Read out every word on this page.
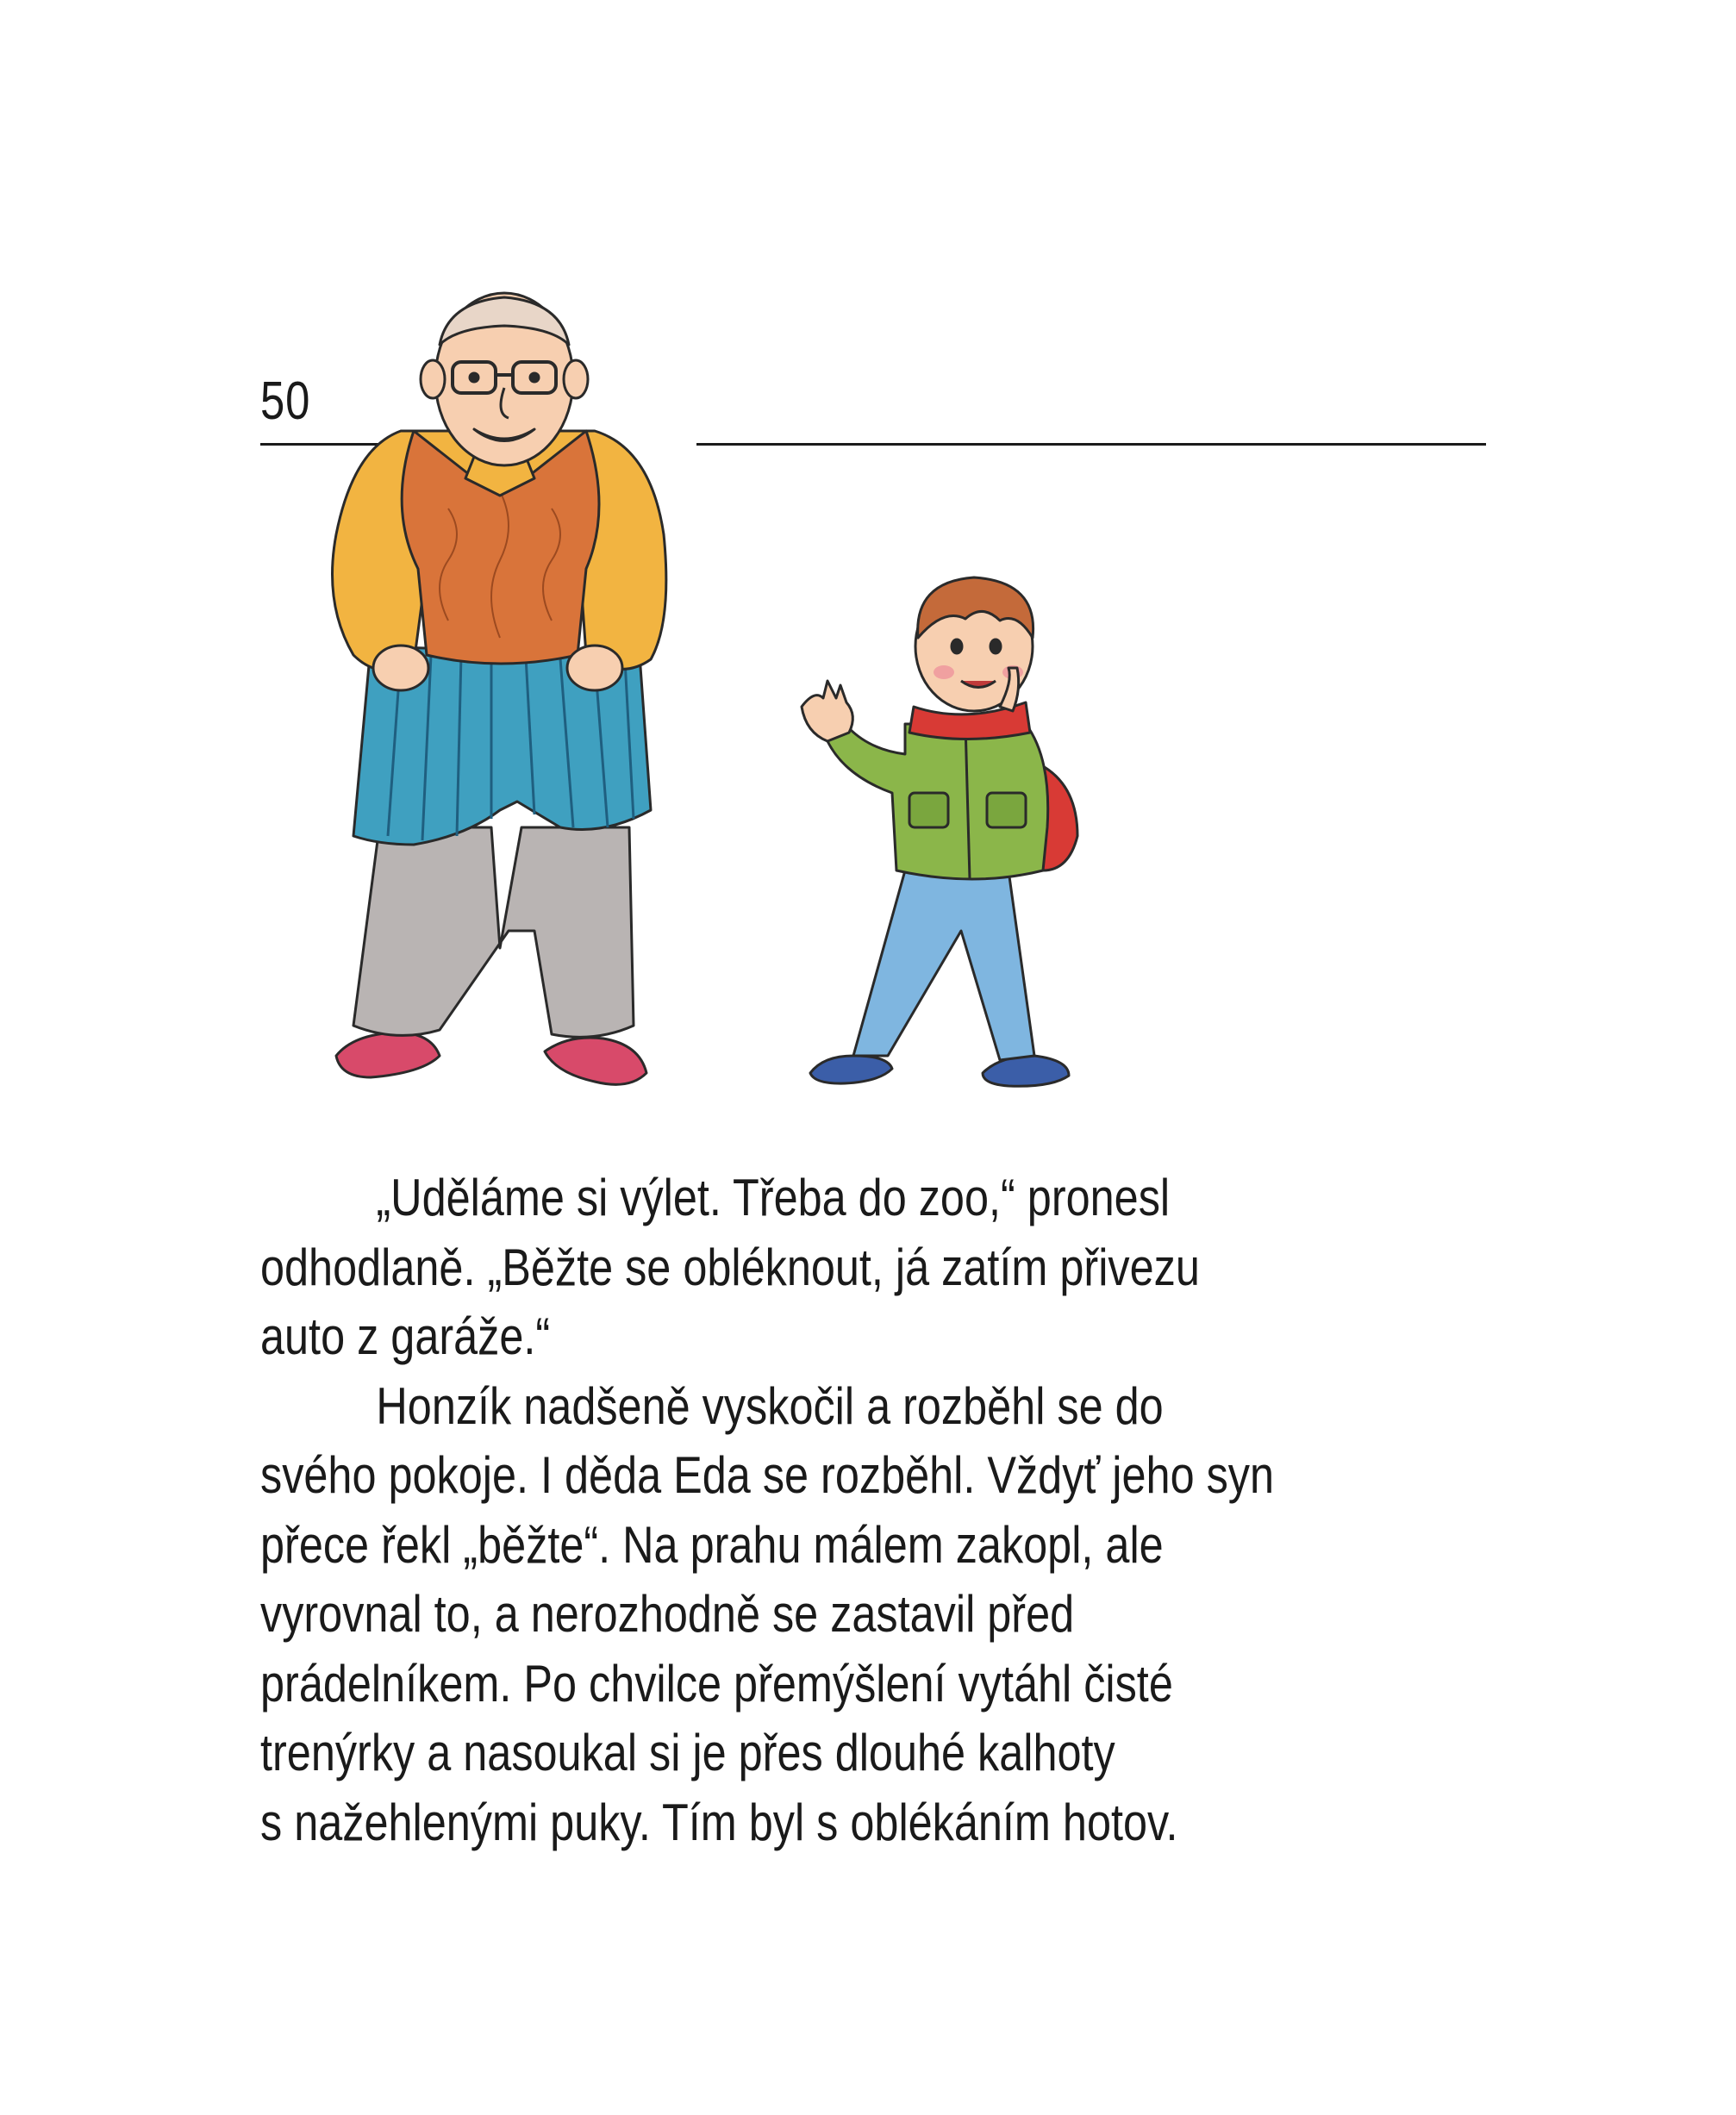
50
„Uděláme si výlet. Třeba do zoo,“ pronesl
odhodlaně. „Běžte se obléknout, já zatím přivezu
auto z garáže.“
Honzík nadšeně vyskočil a rozběhl se do
svého pokoje. I děda Eda se rozběhl. Vždyť jeho syn
přece řekl „běžte“. Na prahu málem zakopl, ale
vyrovnal to, a nerozhodně se zastavil před
prádelníkem. Po chvilce přemýšlení vytáhl čisté
trenýrky a nasoukal si je přes dlouhé kalhoty
s nažehlenými puky. Tím byl s oblékáním hotov.
